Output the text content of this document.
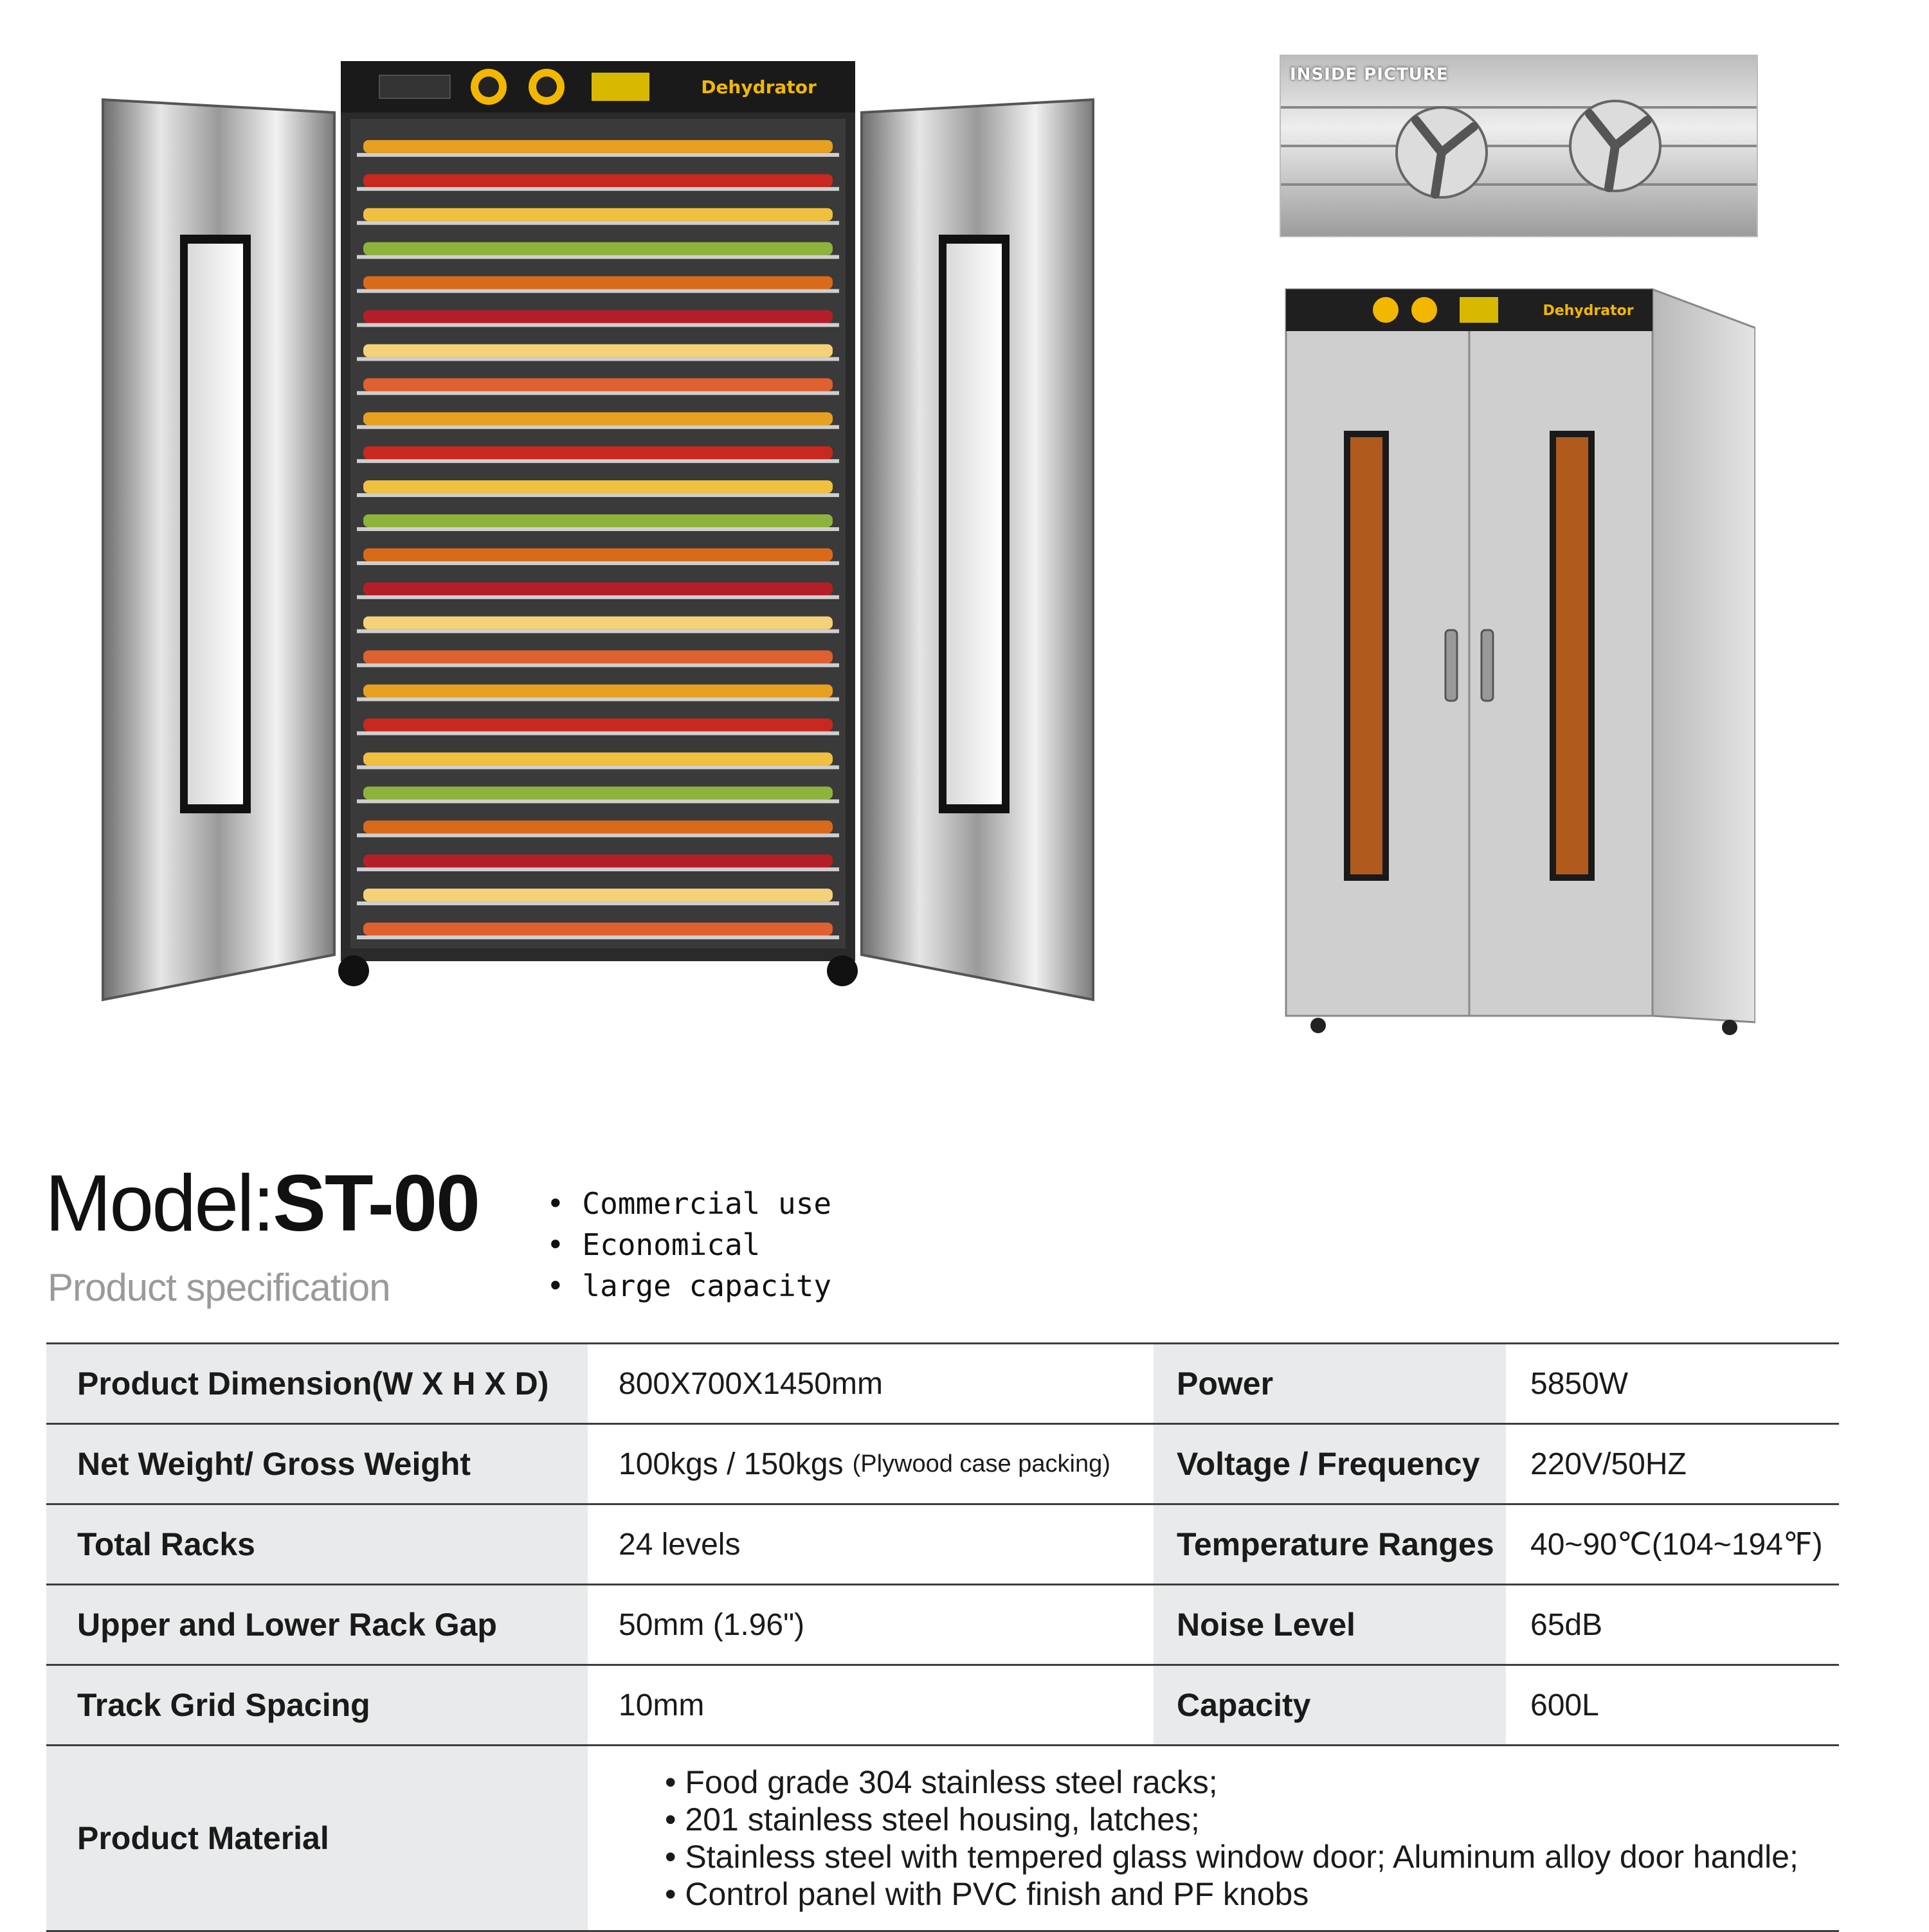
Dehydrator
INSIDE PICTURE
Dehydrator
Model:ST-00
Product specification
• Commercial use
• Economical
• large capacity
Product Dimension(W X H X D)	800X700X1450mm	Power	5850W
Net Weight/ Gross Weight	100kgs / 150kgs (Plywood case packing)	Voltage / Frequency	220V/50HZ
Total Racks	24 levels	Temperature Ranges	40~90℃(104~194℉)
Upper and Lower Rack Gap	50mm (1.96")	Noise Level	65dB
Track Grid Spacing	10mm	Capacity	600L
Product Material
• Food grade 304 stainless steel racks;
• 201 stainless steel housing, latches;
• Stainless steel with tempered glass window door; Aluminum alloy door handle;
• Control panel with PVC finish and PF knobs
